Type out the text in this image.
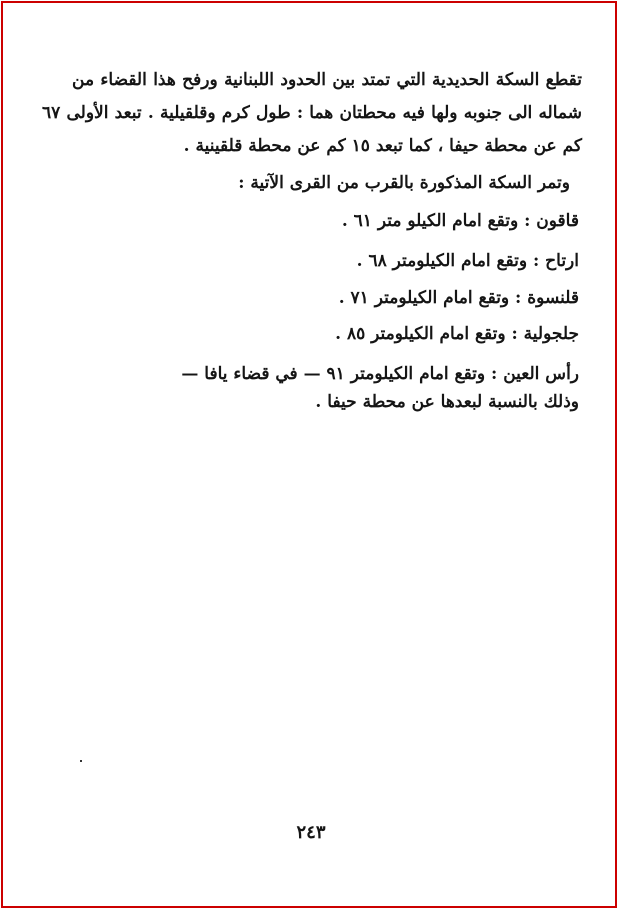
تقطع السكة الحديدية التي تمتد بين الحدود اللبنانية ورفح هذا القضاء من
شماله الى جنوبه ولها فيه محطتان هما : طول كرم وقلقيلية . تبعد الأولى ٦٧
كم عن محطة حيفا ، كما تبعد ١٥ كم عن محطة قلقينية .
وتمر السكة المذكورة بالقرب من القرى الآتية :
قاقون : وتقع امام الكيلو متر ٦١ .
ارتاح : وتقع امام الكيلومتر ٦٨ .
قلنسوة : وتقع امام الكيلومتر ٧١ .
جلجولية : وتقع امام الكيلومتر ٨٥ .
رأس العين : وتقع امام الكيلومتر ٩١ — في قضاء يافا —
وذلك بالنسبة لبعدها عن محطة حيفا .
٢٤٣
